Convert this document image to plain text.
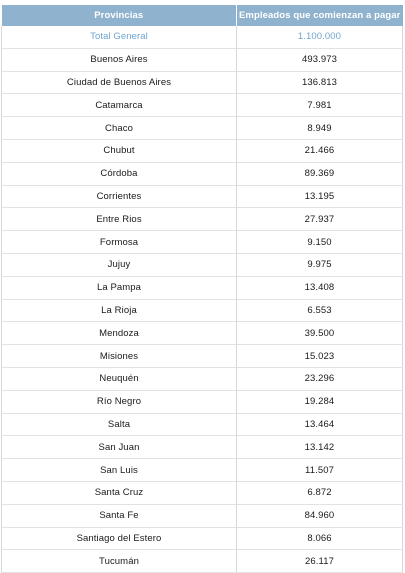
Provincias	Empleados que comienzan a pagar
Total General	1.100.000
Buenos Aires	493.973
Ciudad de Buenos Aires	136.813
Catamarca	7.981
Chaco	8.949
Chubut	21.466
Córdoba	89.369
Corrientes	13.195
Entre Rios	27.937
Formosa	9.150
Jujuy	9.975
La Pampa	13.408
La Rioja	6.553
Mendoza	39.500
Misiones	15.023
Neuquén	23.296
Río Negro	19.284
Salta	13.464
San Juan	13.142
San Luis	11.507
Santa Cruz	6.872
Santa Fe	84.960
Santiago del Estero	8.066
Tucumán	26.117
